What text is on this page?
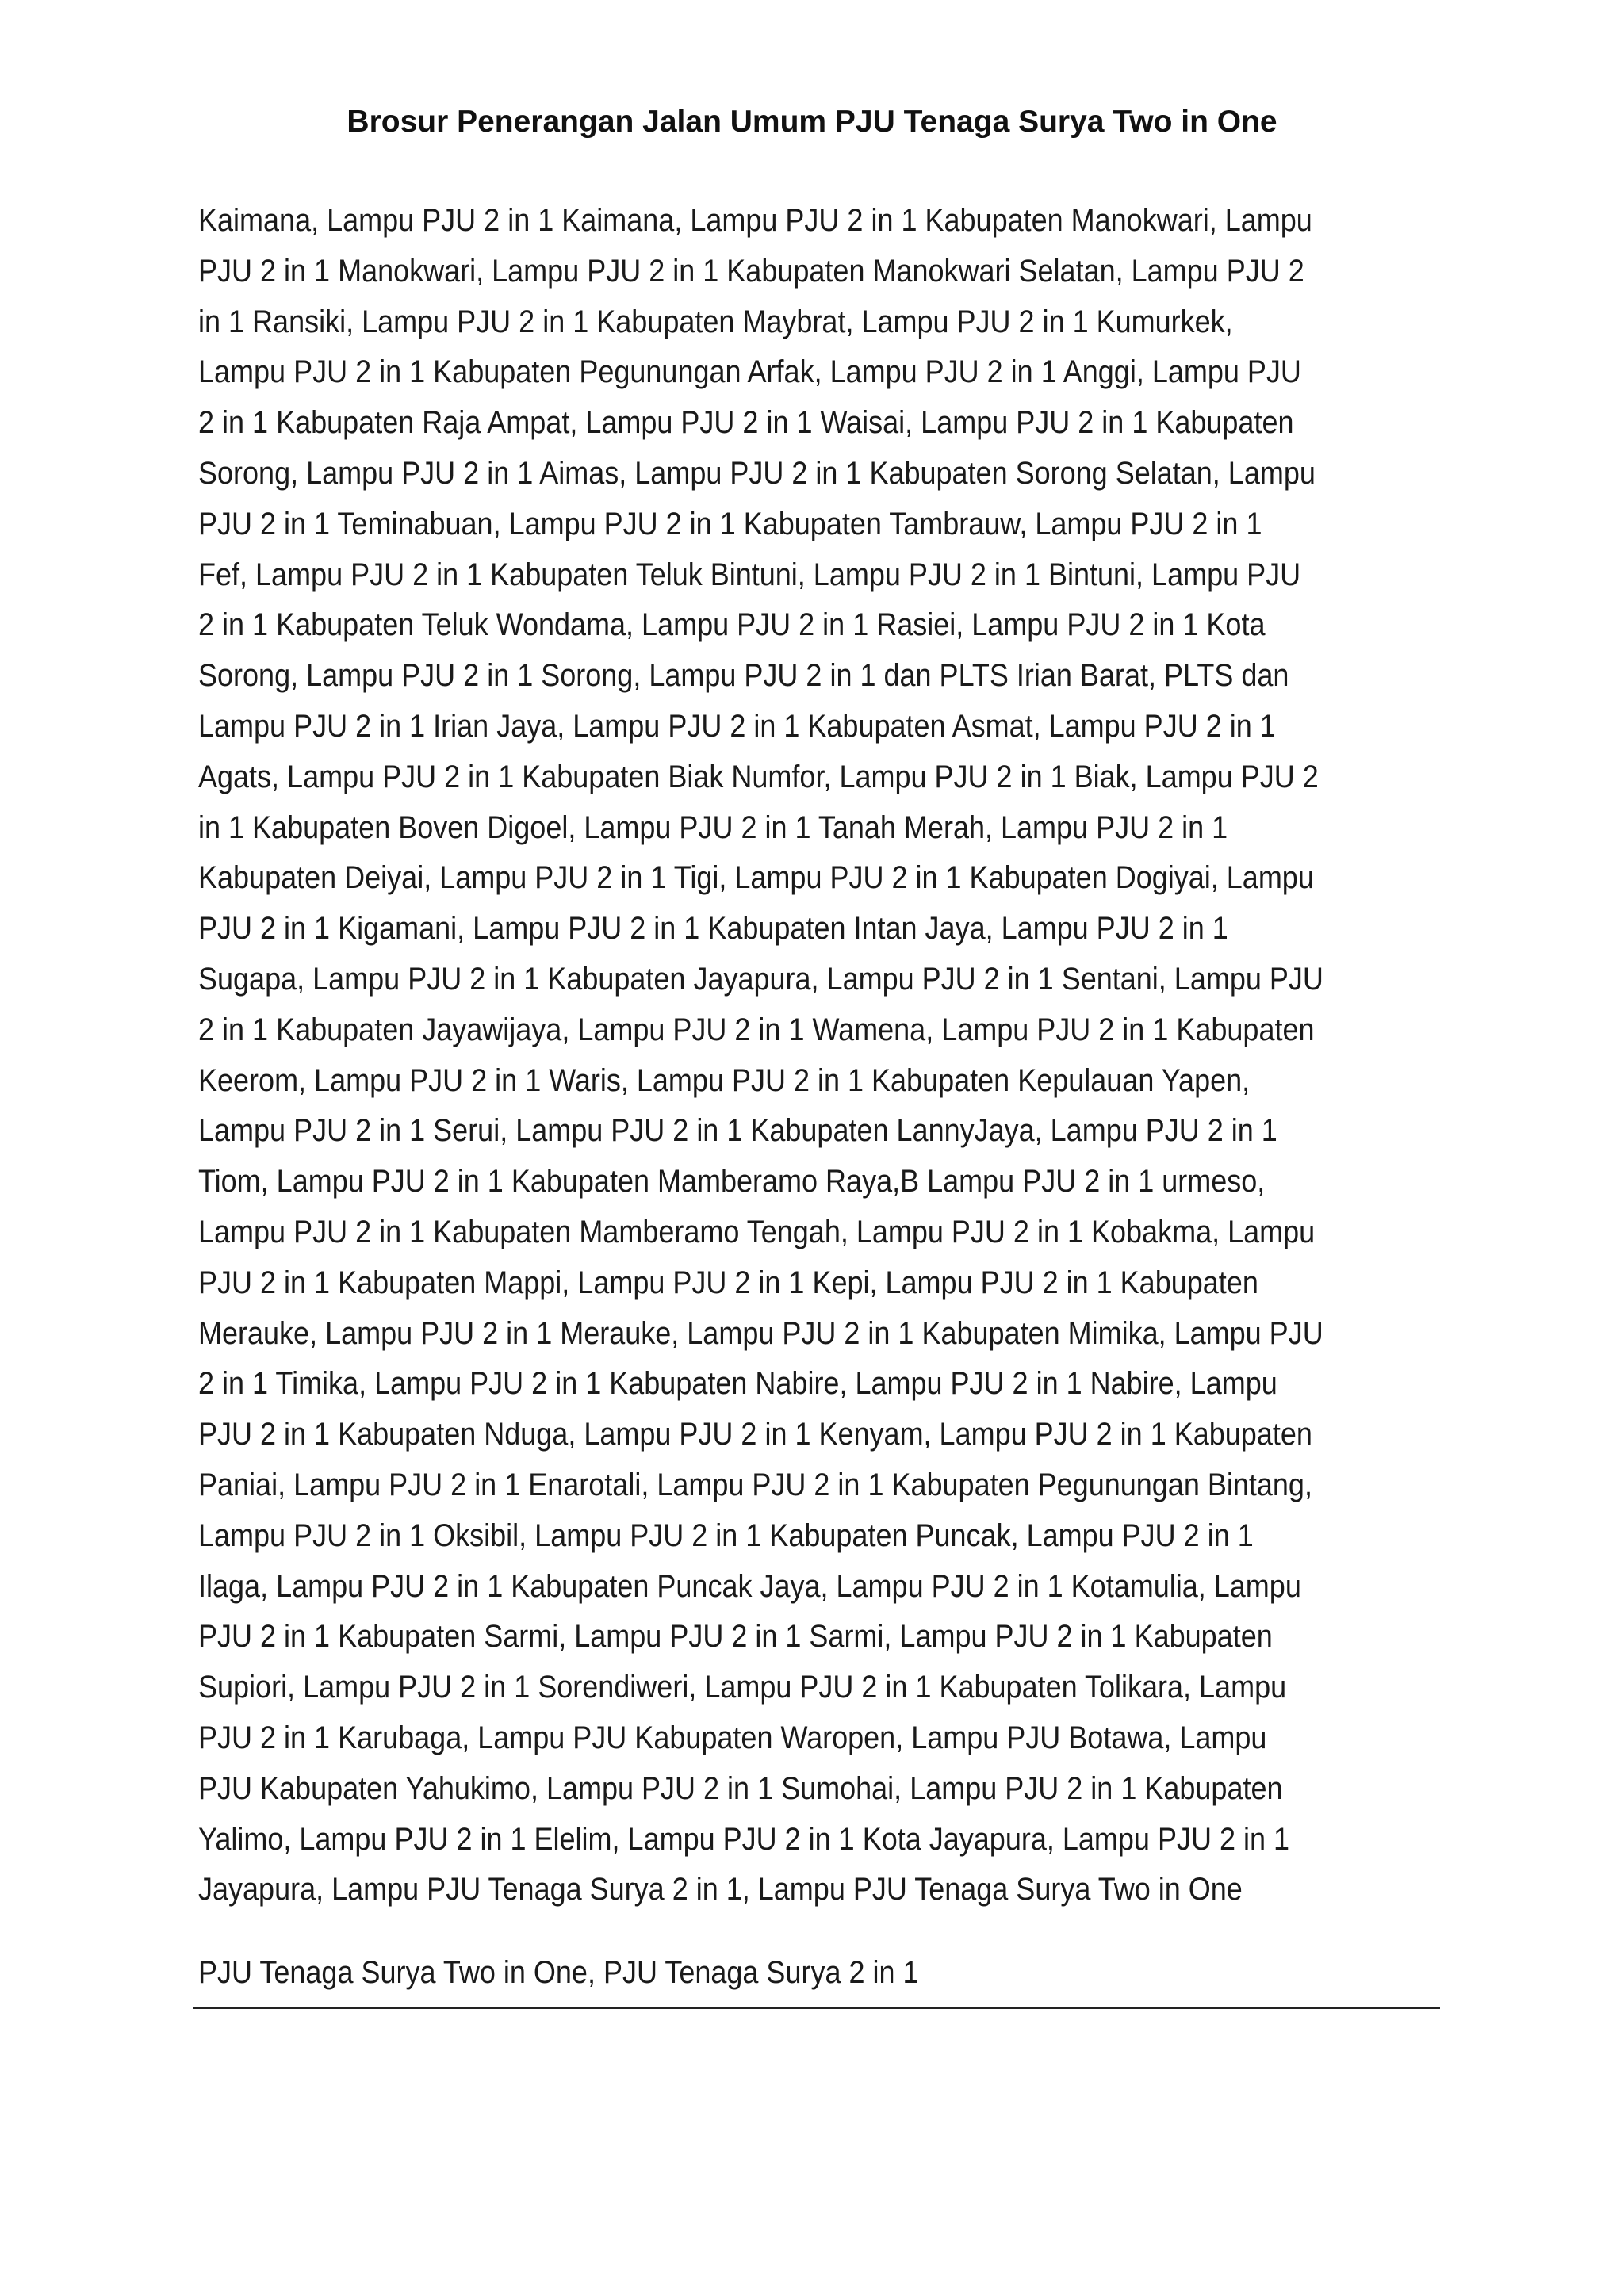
Brosur Penerangan Jalan Umum PJU Tenaga Surya Two in One
Kaimana, Lampu PJU 2 in 1 Kaimana, Lampu PJU 2 in 1 Kabupaten Manokwari, Lampu
PJU 2 in 1 Manokwari, Lampu PJU 2 in 1 Kabupaten Manokwari Selatan, Lampu PJU 2
in 1 Ransiki, Lampu PJU 2 in 1 Kabupaten Maybrat, Lampu PJU 2 in 1 Kumurkek,
Lampu PJU 2 in 1 Kabupaten Pegunungan Arfak, Lampu PJU 2 in 1 Anggi, Lampu PJU
2 in 1 Kabupaten Raja Ampat, Lampu PJU 2 in 1 Waisai, Lampu PJU 2 in 1 Kabupaten
Sorong, Lampu PJU 2 in 1 Aimas, Lampu PJU 2 in 1 Kabupaten Sorong Selatan, Lampu
PJU 2 in 1 Teminabuan, Lampu PJU 2 in 1 Kabupaten Tambrauw, Lampu PJU 2 in 1
Fef, Lampu PJU 2 in 1 Kabupaten Teluk Bintuni, Lampu PJU 2 in 1 Bintuni, Lampu PJU
2 in 1 Kabupaten Teluk Wondama, Lampu PJU 2 in 1 Rasiei, Lampu PJU 2 in 1 Kota
Sorong, Lampu PJU 2 in 1 Sorong, Lampu PJU 2 in 1 dan PLTS Irian Barat, PLTS dan
Lampu PJU 2 in 1 Irian Jaya, Lampu PJU 2 in 1 Kabupaten Asmat, Lampu PJU 2 in 1
Agats, Lampu PJU 2 in 1 Kabupaten Biak Numfor, Lampu PJU 2 in 1 Biak, Lampu PJU 2
in 1 Kabupaten Boven Digoel, Lampu PJU 2 in 1 Tanah Merah, Lampu PJU 2 in 1
Kabupaten Deiyai, Lampu PJU 2 in 1 Tigi, Lampu PJU 2 in 1 Kabupaten Dogiyai, Lampu
PJU 2 in 1 Kigamani, Lampu PJU 2 in 1 Kabupaten Intan Jaya, Lampu PJU 2 in 1
Sugapa, Lampu PJU 2 in 1 Kabupaten Jayapura, Lampu PJU 2 in 1 Sentani, Lampu PJU
2 in 1 Kabupaten Jayawijaya, Lampu PJU 2 in 1 Wamena, Lampu PJU 2 in 1 Kabupaten
Keerom, Lampu PJU 2 in 1 Waris, Lampu PJU 2 in 1 Kabupaten Kepulauan Yapen,
Lampu PJU 2 in 1 Serui, Lampu PJU 2 in 1 Kabupaten LannyJaya, Lampu PJU 2 in 1
Tiom, Lampu PJU 2 in 1 Kabupaten Mamberamo Raya,B Lampu PJU 2 in 1 urmeso,
Lampu PJU 2 in 1 Kabupaten Mamberamo Tengah, Lampu PJU 2 in 1 Kobakma, Lampu
PJU 2 in 1 Kabupaten Mappi, Lampu PJU 2 in 1 Kepi, Lampu PJU 2 in 1 Kabupaten
Merauke, Lampu PJU 2 in 1 Merauke, Lampu PJU 2 in 1 Kabupaten Mimika, Lampu PJU
2 in 1 Timika, Lampu PJU 2 in 1 Kabupaten Nabire, Lampu PJU 2 in 1 Nabire, Lampu
PJU 2 in 1 Kabupaten Nduga, Lampu PJU 2 in 1 Kenyam, Lampu PJU 2 in 1 Kabupaten
Paniai, Lampu PJU 2 in 1 Enarotali, Lampu PJU 2 in 1 Kabupaten Pegunungan Bintang,
Lampu PJU 2 in 1 Oksibil, Lampu PJU 2 in 1 Kabupaten Puncak, Lampu PJU 2 in 1
Ilaga, Lampu PJU 2 in 1 Kabupaten Puncak Jaya, Lampu PJU 2 in 1 Kotamulia, Lampu
PJU 2 in 1 Kabupaten Sarmi, Lampu PJU 2 in 1 Sarmi, Lampu PJU 2 in 1 Kabupaten
Supiori, Lampu PJU 2 in 1 Sorendiweri, Lampu PJU 2 in 1 Kabupaten Tolikara, Lampu
PJU 2 in 1 Karubaga, Lampu PJU Kabupaten Waropen, Lampu PJU Botawa, Lampu
PJU Kabupaten Yahukimo, Lampu PJU 2 in 1 Sumohai, Lampu PJU 2 in 1 Kabupaten
Yalimo, Lampu PJU 2 in 1 Elelim, Lampu PJU 2 in 1 Kota Jayapura, Lampu PJU 2 in 1
Jayapura, Lampu PJU Tenaga Surya 2 in 1, Lampu PJU Tenaga Surya Two in One

PJU Tenaga Surya Two in One, PJU Tenaga Surya 2 in 1
